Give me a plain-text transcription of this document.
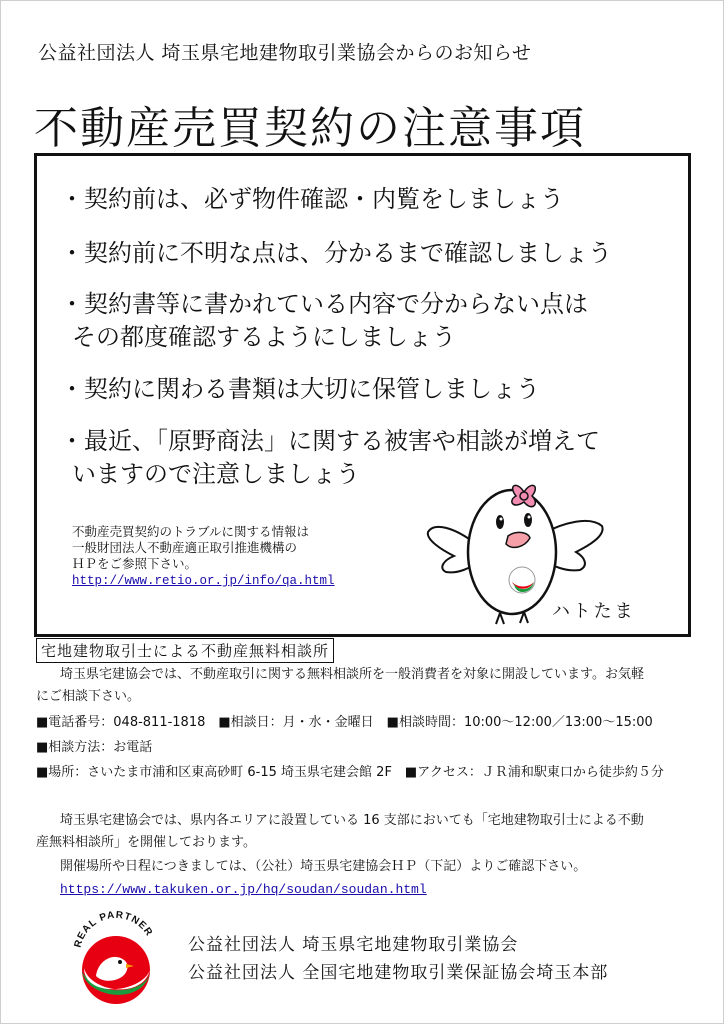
公益社団法人 埼玉県宅地建物取引業協会からのお知らせ
不動産売買契約の注意事項
・契約前は、必ず物件確認・内覧をしましょう
・契約前に不明な点は、分かるまで確認しましょう
・契約書等に書かれている内容で分からない点は
その都度確認するようにしましょう
・契約に関わる書類は大切に保管しましょう
・最近、「原野商法」に関する被害や相談が増えて
いますので注意しましょう
不動産売買契約のトラブルに関する情報は
一般財団法人不動産適正取引推進機構の
ＨＰをご参照下さい。
http://www.retio.or.jp/info/qa.html
ハトたま
宅地建物取引士による不動産無料相談所
埼玉県宅建協会では、不動産取引に関する無料相談所を一般消費者を対象に開設しています。お気軽
にご相談下さい。
■電話番号：048-811-1818　■相談日：月・水・金曜日　■相談時間：10:00～12:00／13:00～15:00
■相談方法：お電話
■場所：さいたま市浦和区東高砂町 6-15 埼玉県宅建会館 2F　■アクセス：ＪＲ浦和駅東口から徒歩約５分
埼玉県宅建協会では、県内各エリアに設置している 16 支部においても「宅地建物取引士による不動
産無料相談所」を開催しております。
開催場所や日程につきましては、（公社）埼玉県宅建協会ＨＰ（下記）よりご確認下さい。
https://www.takuken.or.jp/hq/soudan/soudan.html
REAL PARTNER
公益社団法人 埼玉県宅地建物取引業協会
公益社団法人 全国宅地建物取引業保証協会埼玉本部
